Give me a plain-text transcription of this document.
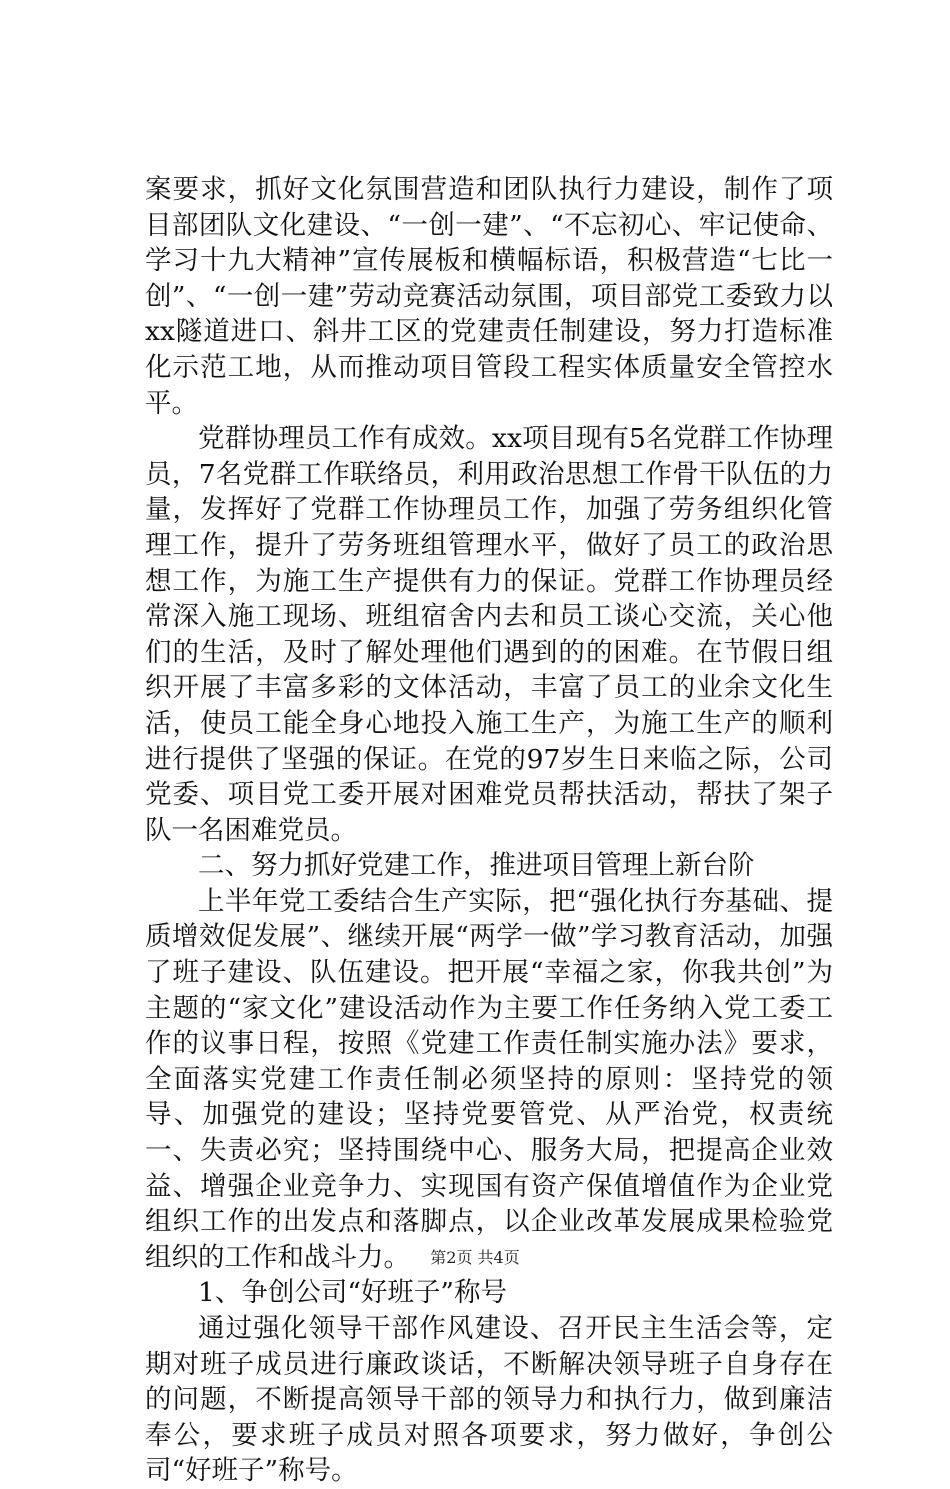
案要求，抓好文化氛围营造和团队执行力建设，制作了项目部团队文化建设、“一创一建”、“不忘初心、牢记使命、学习十九大精神”宣传展板和横幅标语，积极营造“七比一创”、“一创一建”劳动竞赛活动氛围，项目部党工委致力以xx隧道进口、斜井工区的党建责任制建设，努力打造标准化示范工地，从而推动项目管段工程实体质量安全管控水平。

党群协理员工作有成效。xx项目现有5名党群工作协理员，7名党群工作联络员，利用政治思想工作骨干队伍的力量，发挥好了党群工作协理员工作，加强了劳务组织化管理工作，提升了劳务班组管理水平，做好了员工的政治思想工作，为施工生产提供有力的保证。党群工作协理员经常深入施工现场、班组宿舍内去和员工谈心交流，关心他们的生活，及时了解处理他们遇到的的困难。在节假日组织开展了丰富多彩的文体活动，丰富了员工的业余文化生活，使员工能全身心地投入施工生产，为施工生产的顺利进行提供了坚强的保证。在党的97岁生日来临之际，公司党委、项目党工委开展对困难党员帮扶活动，帮扶了架子队一名困难党员。

二、努力抓好党建工作，推进项目管理上新台阶

上半年党工委结合生产实际，把“强化执行夯基础、提质增效促发展”、继续开展“两学一做”学习教育活动，加强了班子建设、队伍建设。把开展“幸福之家，你我共创”为主题的“家文化”建设活动作为主要工作任务纳入党工委工作的议事日程，按照《党建工作责任制实施办法》要求，全面落实党建工作责任制必须坚持的原则：坚持党的领导、加强党的建设；坚持党要管党、从严治党，权责统一、失责必究；坚持围绕中心、服务大局，把提高企业效益、增强企业竞争力、实现国有资产保值增值作为企业党组织工作的出发点和落脚点，以企业改革发展成果检验党组织的工作和战斗力。

1、争创公司“好班子”称号

通过强化领导干部作风建设、召开民主生活会等，定期对班子成员进行廉政谈话，不断解决领导班子自身存在的问题，不断提高领导干部的领导力和执行力，做到廉洁奉公，要求班子成员对照各项要求，努力做好，争创公司“好班子”称号。

第2页 共4页
